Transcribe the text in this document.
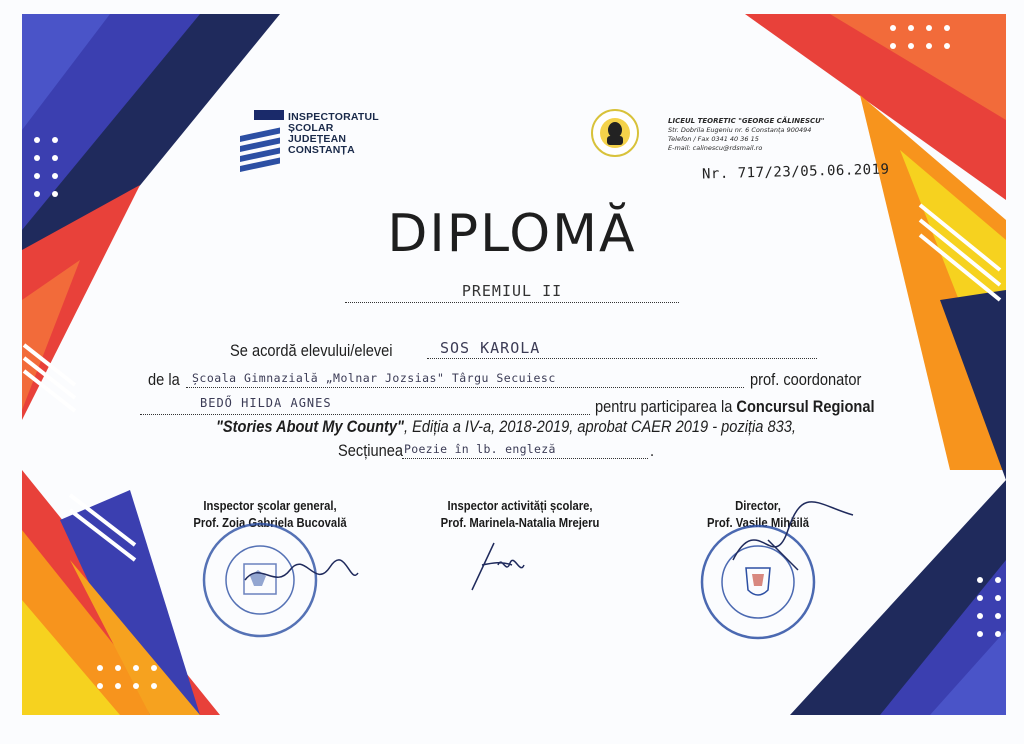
INSPECTORATUL
ȘCOLAR
JUDEȚEAN
CONSTANȚA
LICEUL TEORETIC "GEORGE CĂLINESCU"
Str. Dobrila Eugeniu nr. 6 Constanța 900494
Telefon / Fax 0341 40 36 15
E-mail: calinescu@rdsmail.ro
Nr. 717/23/05.06.2019
DIPLOMĂ
PREMIUL II
Se acordă elevului/elevei	SOS KAROLA
de la	Școala Gimnazială „Molnar Jozsias" Târgu Secuiesc	prof. coordonator
BEDŐ HILDA AGNES	pentru participarea la Concursul Regional
"Stories About My County", Ediția a IV-a, 2018-2019, aprobat CAER 2019 - poziția 833,
Secțiunea Poezie în lb. engleză	.
Inspector școlar general,
Prof. Zoia Gabriela Bucovală
Inspector activități școlare,
Prof. Marinela-Natalia Mrejeru
Director,
Prof. Vasile Mihăilă
